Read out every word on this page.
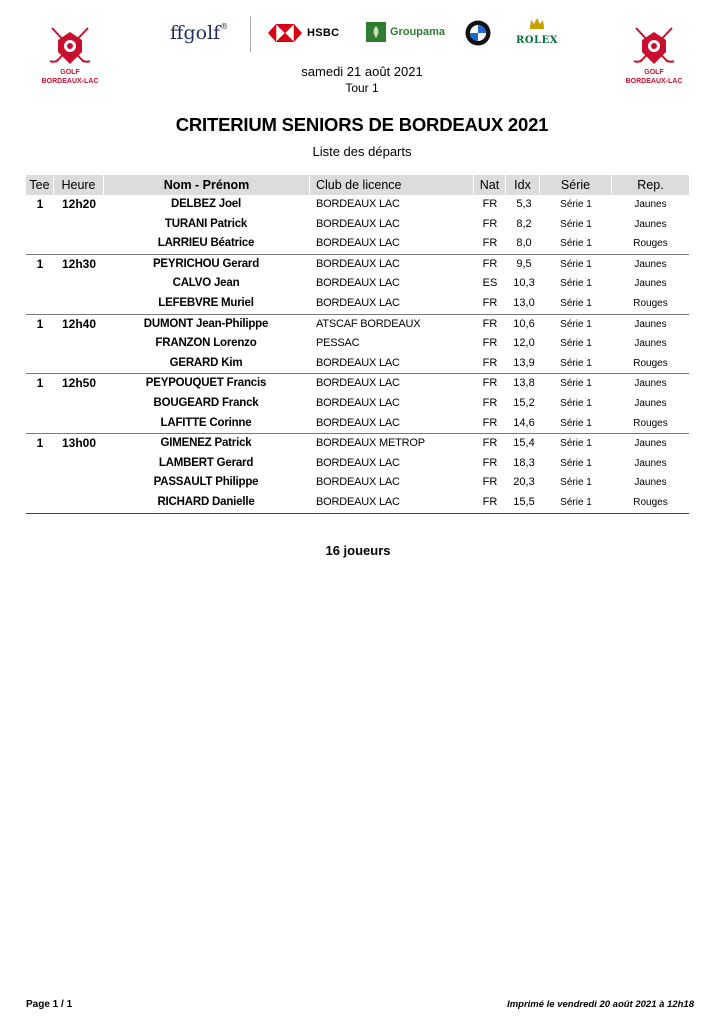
GOLF
BORDEAUX-LAC
GOLF
BORDEAUX-LAC
ffgolf®
HSBC	Groupama
ROLEX
samedi 21 août 2021
Tour 1
CRITERIUM SENIORS DE BORDEAUX 2021
Liste des départs
Tee Heure	Nom - Prénom	Club de licence	Nat	Idx	Série	Rep.
1	12h20	DELBEZ Joel	BORDEAUX LAC	FR	5,3	Série 1	Jaunes
TURANI Patrick	BORDEAUX LAC	FR	8,2	Série 1	Jaunes
LARRIEU Béatrice	BORDEAUX LAC	FR	8,0	Série 1	Rouges
1	12h30	PEYRICHOU Gerard	BORDEAUX LAC	FR	9,5	Série 1	Jaunes
CALVO Jean	BORDEAUX LAC	ES	10,3	Série 1	Jaunes
LEFEBVRE Muriel	BORDEAUX LAC	FR	13,0	Série 1	Rouges
1	12h40	DUMONT Jean-Philippe	ATSCAF BORDEAUX	FR	10,6	Série 1	Jaunes
FRANZON Lorenzo	PESSAC	FR	12,0	Série 1	Jaunes
GERARD Kim	BORDEAUX LAC	FR	13,9	Série 1	Rouges
1	12h50	PEYPOUQUET Francis	BORDEAUX LAC	FR	13,8	Série 1	Jaunes
BOUGEARD Franck	BORDEAUX LAC	FR	15,2	Série 1	Jaunes
LAFITTE Corinne	BORDEAUX LAC	FR	14,6	Série 1	Rouges
1	13h00	GIMENEZ Patrick	BORDEAUX METROP	FR	15,4	Série 1	Jaunes
LAMBERT Gerard	BORDEAUX LAC	FR	18,3	Série 1	Jaunes
PASSAULT Philippe	BORDEAUX LAC	FR	20,3	Série 1	Jaunes
RICHARD Danielle	BORDEAUX LAC	FR	15,5	Série 1	Rouges
16 joueurs
Page 1 / 1	Imprimé le vendredi 20 août 2021 à 12h18
